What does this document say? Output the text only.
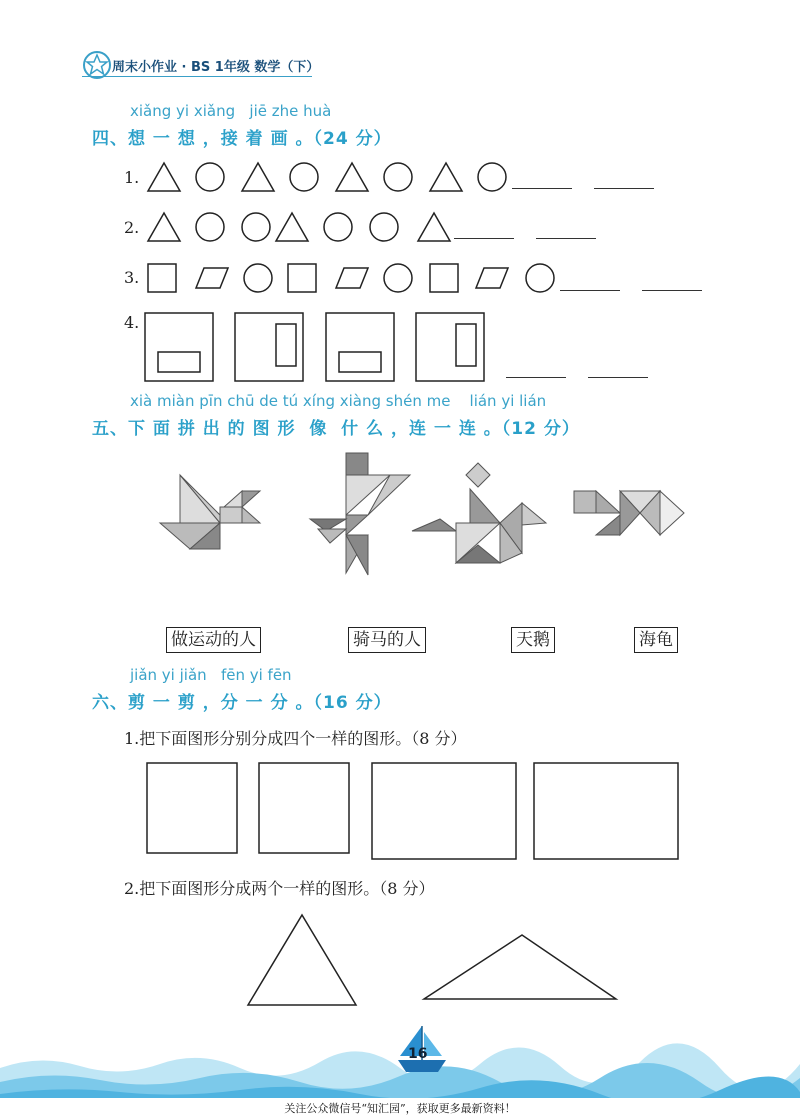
周末小作业 · BS 1年级 数学（下）
xiǎng yi xiǎng   jiē zhe huà
四、想 一 想 ，接 着 画 。（24 分）
1.
2.
3.
4.
xià miàn pīn chū de tú xíng xiàng shén me    lián yi lián
五、下 面 拼 出 的 图 形  像  什 么 ，连 一 连 。（12 分）
做运动的人	骑马的人	天鹅	海龟
jiǎn yi jiǎn   fēn yi fēn
六、剪 一 剪 ，分 一 分 。（16 分）
1.把下面图形分别分成四个一样的图形。（8 分）
2.把下面图形分成两个一样的图形。（8 分）
16
关注公众微信号“知汇园”，获取更多最新资料！
